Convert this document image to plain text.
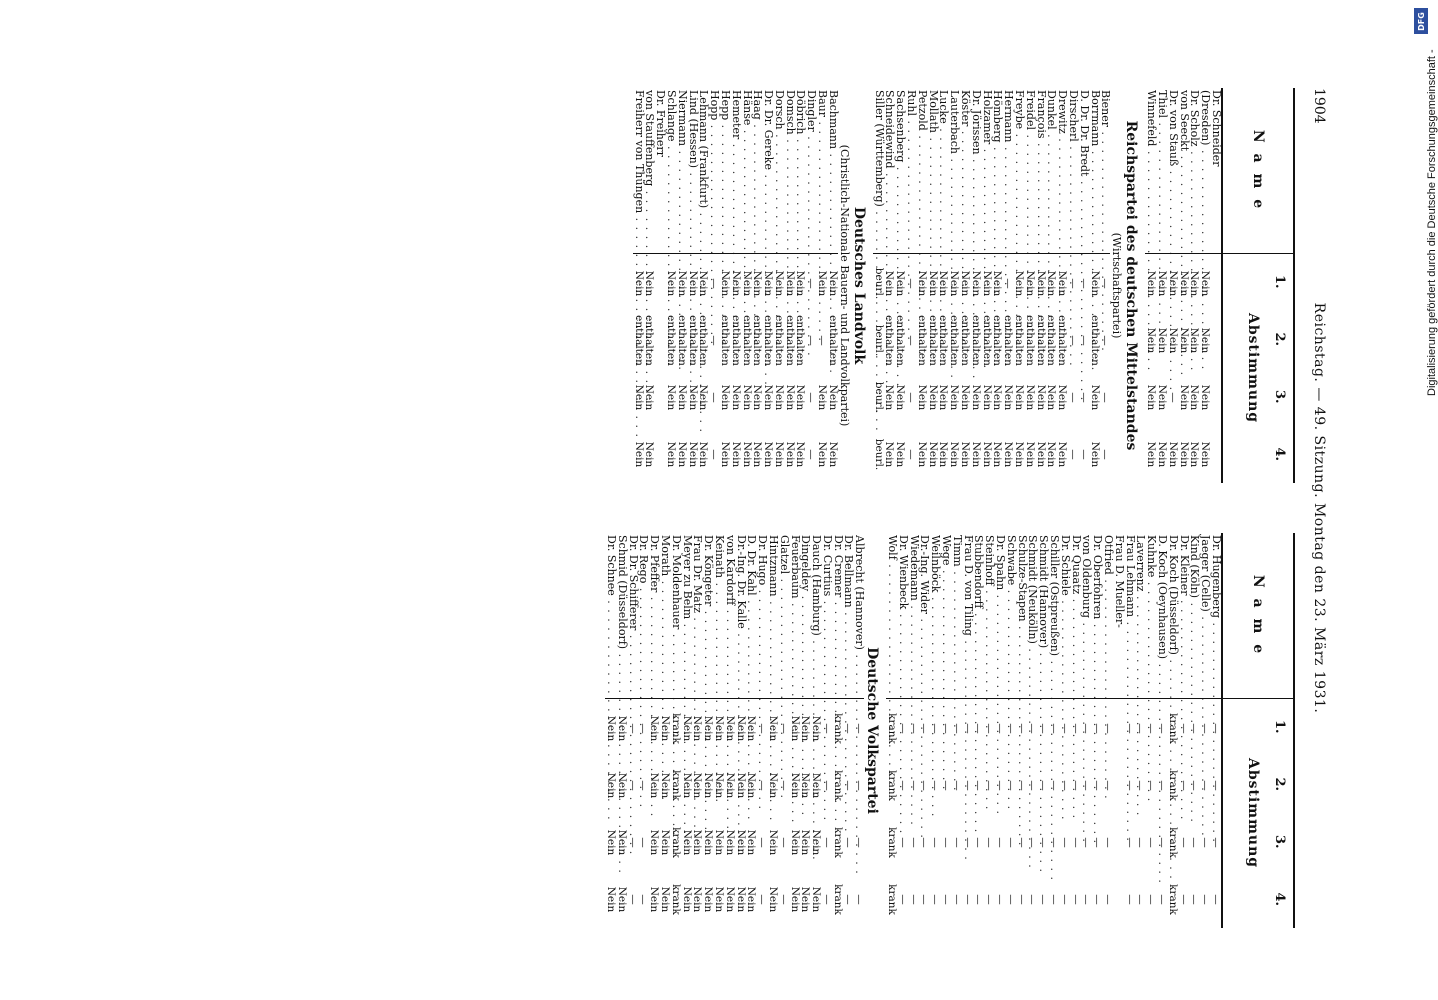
DFG
Digitalisierung gefördert durch die Deutsche Forschungsgemeinschaft -
1904
Reichstag. — 49. Sitzung. Montag den 23. März 1931.
N a m e
1.
2.
3.
4.
Abstimmung
Dr. Hugenberg . . .
—
—
—
—
Jaeger (Celle) . . .
—
—
—
—
Kind (Köln) . . .
—
—
—
—
Dr. Kleiner . . .
—
—
—
—
Dr. Koch (Düsseldorf) . . .
krank
krank
krank
krank
D. Koch (Oeynhausen) . . .
—
—
—
—
Kuhnke . . .
—
—
—
—
Laverrenz . . .
—
—
—
—
Frau Lehmann . . .
—
—
—
—
Frau D. Mueller-
Otfried . . .
—
—
—
—
Dr. Oberfohren . . .
—
—
—
—
von Oldenburg . . .
—
—
—
—
Dr. Quaatz . . .
—
—
—
—
Dr. Schiele . . .
—
—
—
—
Schiller (Ostpreußen) . . .
—
—
—
—
Schmidt (Hannover) . . .
—
—
—
—
Schmidt (Neukölln) . . .
—
—
—
—
Schulze-Stapen . . .
—
—
—
—
Schwabe . . .
—
—
—
—
Dr. Spahn . . .
—
—
—
—
Steinhoff . . .
—
—
—
—
Stubbendorff . . .
—
—
—
—
Frau D. von Tiling . . .
—
—
—
—
Timm . . .
—
—
—
—
Wege . . .
—
—
—
—
Weilnböck . . .
—
—
—
—
Dr.-Ing. Wider . . .
—
—
—
—
Wiedemann . . .
—
—
—
—
Dr. Wienbeck . . .
—
—
—
—
Wolf . . .
krank
krank
krank
krank
Deutsche Volkspartei
Albrecht (Hannover) . . .
—
—
—
—
Dr. Bellmann . . .
—
—
—
—
Dr. Cremer . . .
krank
krank
krank
krank
Dr. Curtius . . .
—
—
—
—
Dauch (Hamburg) . . .
Nein
Nein
Nein
Nein
Dingeldey . . .
Nein
Nein
Nein
Nein
Feuerbaum . . .
Nein
Nein
Nein
Nein
Glatzel . . .
—
—
—
—
Hintzmann . . .
Nein
Nein
Nein
Nein
Dr. Hugo . . .
—
—
—
—
D. Dr. Kahl . . .
Nein
Nein
Nein
Nein
Dr.-Ing. Dr. Kalle . . .
Nein
Nein
Nein
Nein
von Kardorff . . .
Nein
Nein
Nein
Nein
Keinath . . .
Nein
Nein
Nein
Nein
Dr. Köngeter . . .
Nein
Nein
Nein
Nein
Frau Dr. Matz . . .
Nein
Nein
Nein
Nein
Meyer zu Belm . . .
Nein
Nein
Nein
Nein
Dr. Moldenhauer . . .
krank
krank
krank
krank
Morath . . .
Nein
Nein
Nein
Nein
Dr. Pfeffer . . .
Nein
Nein
Nein
Nein
Dr. Rego . . .
—
—
—
—
Dr. Dr. Schifferer . . .
—
—
—
—
Schmid (Düsseldorf) . . .
Nein
Nein
Nein
Nein
Dr. Schnee . . .
Nein
Nein
Nein
Nein
N a m e
1.
2.
3.
4.
Abstimmung
Dr. Schneider
(Dresden) . . .
Nein
Nein
Nein
Nein
Dr. Scholz . . .
Nein
Nein
Nein
Nein
von Seeckt . . .
Nein
Nein
Nein
Nein
Dr. von Stauß . . .
Nein
Nein
—
Nein
Thiel . . .
Nein
Nein
Nein
Nein
Winnefeld . . .
Nein
Nein
Nein
Nein
Reichspartei des deutschen Mittelstandes
(Wirtschaftspartei)
Biener . . .
—
—
—
—
Borrmann . . .
Nein
enthalten
Nein
Nein
D. Dr. Dr. Bredt . . .
—
—
—
—
Dirscherl . . .
—
—
—
—
Drewitz . . .
Nein
enthalten
Nein
Nein
Dunkel . . .
Nein
enthalten
Nein
Nein
François . . .
Nein
enthalten
Nein
Nein
Freidel . . .
Nein
enthalten
Nein
Nein
Freybe . . .
Nein
enthalten
Nein
Nein
Hermann . . .
—
enthalten
Nein
Nein
Hömberg . . .
Nein
enthalten
Nein
Nein
Holzamer . . .
Nein
enthalten
Nein
Nein
Dr. Jörissen . . .
Nein
enthalten
Nein
Nein
Köster . . .
Nein
enthalten
Nein
Nein
Lauterbach . . .
Nein
enthalten
Nein
Nein
Lucke . . .
Nein
enthalten
Nein
Nein
Mollath . . .
Nein
enthalten
Nein
Nein
Petzold . . .
Nein
enthalten
Nein
Nein
Ruhl . . .
—
—
—
—
Sachsenberg . . .
Nein
enthalten
Nein
Nein
Schneidewind . . .
Nein
enthalten
Nein
Nein
Siller (Württemberg) . . .
beurl.
beurl.
beurl.
beurl.
Deutsches Landvolk
(Christlich-Nationale Bauern- und Landvolkpartei)
Bachmann . . .
Nein
enthalten
Nein
Nein
Baur . . .
Nein
—
Nein
Nein
Dingler . . .
—
—
—
—
Döbrich . . .
Nein
enthalten
Nein
Nein
Domsch . . .
Nein
enthalten
Nein
Nein
Dorsch . . .
Nein
enthalten
Nein
Nein
Dr. Dr. Gereke . . .
Nein
enthalten
Nein
Nein
Haag . . .
Nein
enthalten
Nein
Nein
Hänse . . .
Nein
enthalten
Nein
Nein
Hemeter . . .
Nein
enthalten
Nein
Nein
Hepp . . .
Nein
enthalten
Nein
Nein
Hopp . . .
—
—
—
—
Lehmann (Frankfurt) . . .
Nein
enthalten
Nein
Nein
Lind (Hessen) . . .
Nein
enthalten
Nein
Nein
Niermann . . .
Nein
enthalten
Nein
Nein
Schlange . . .
Nein
enthalten
Nein
Nein
Dr. Freiherr
von Stauffenberg . . .
Nein
enthalten
Nein
Nein
Freiherr von Thüngen . . .
Nein
enthalten
Nein
Nein
